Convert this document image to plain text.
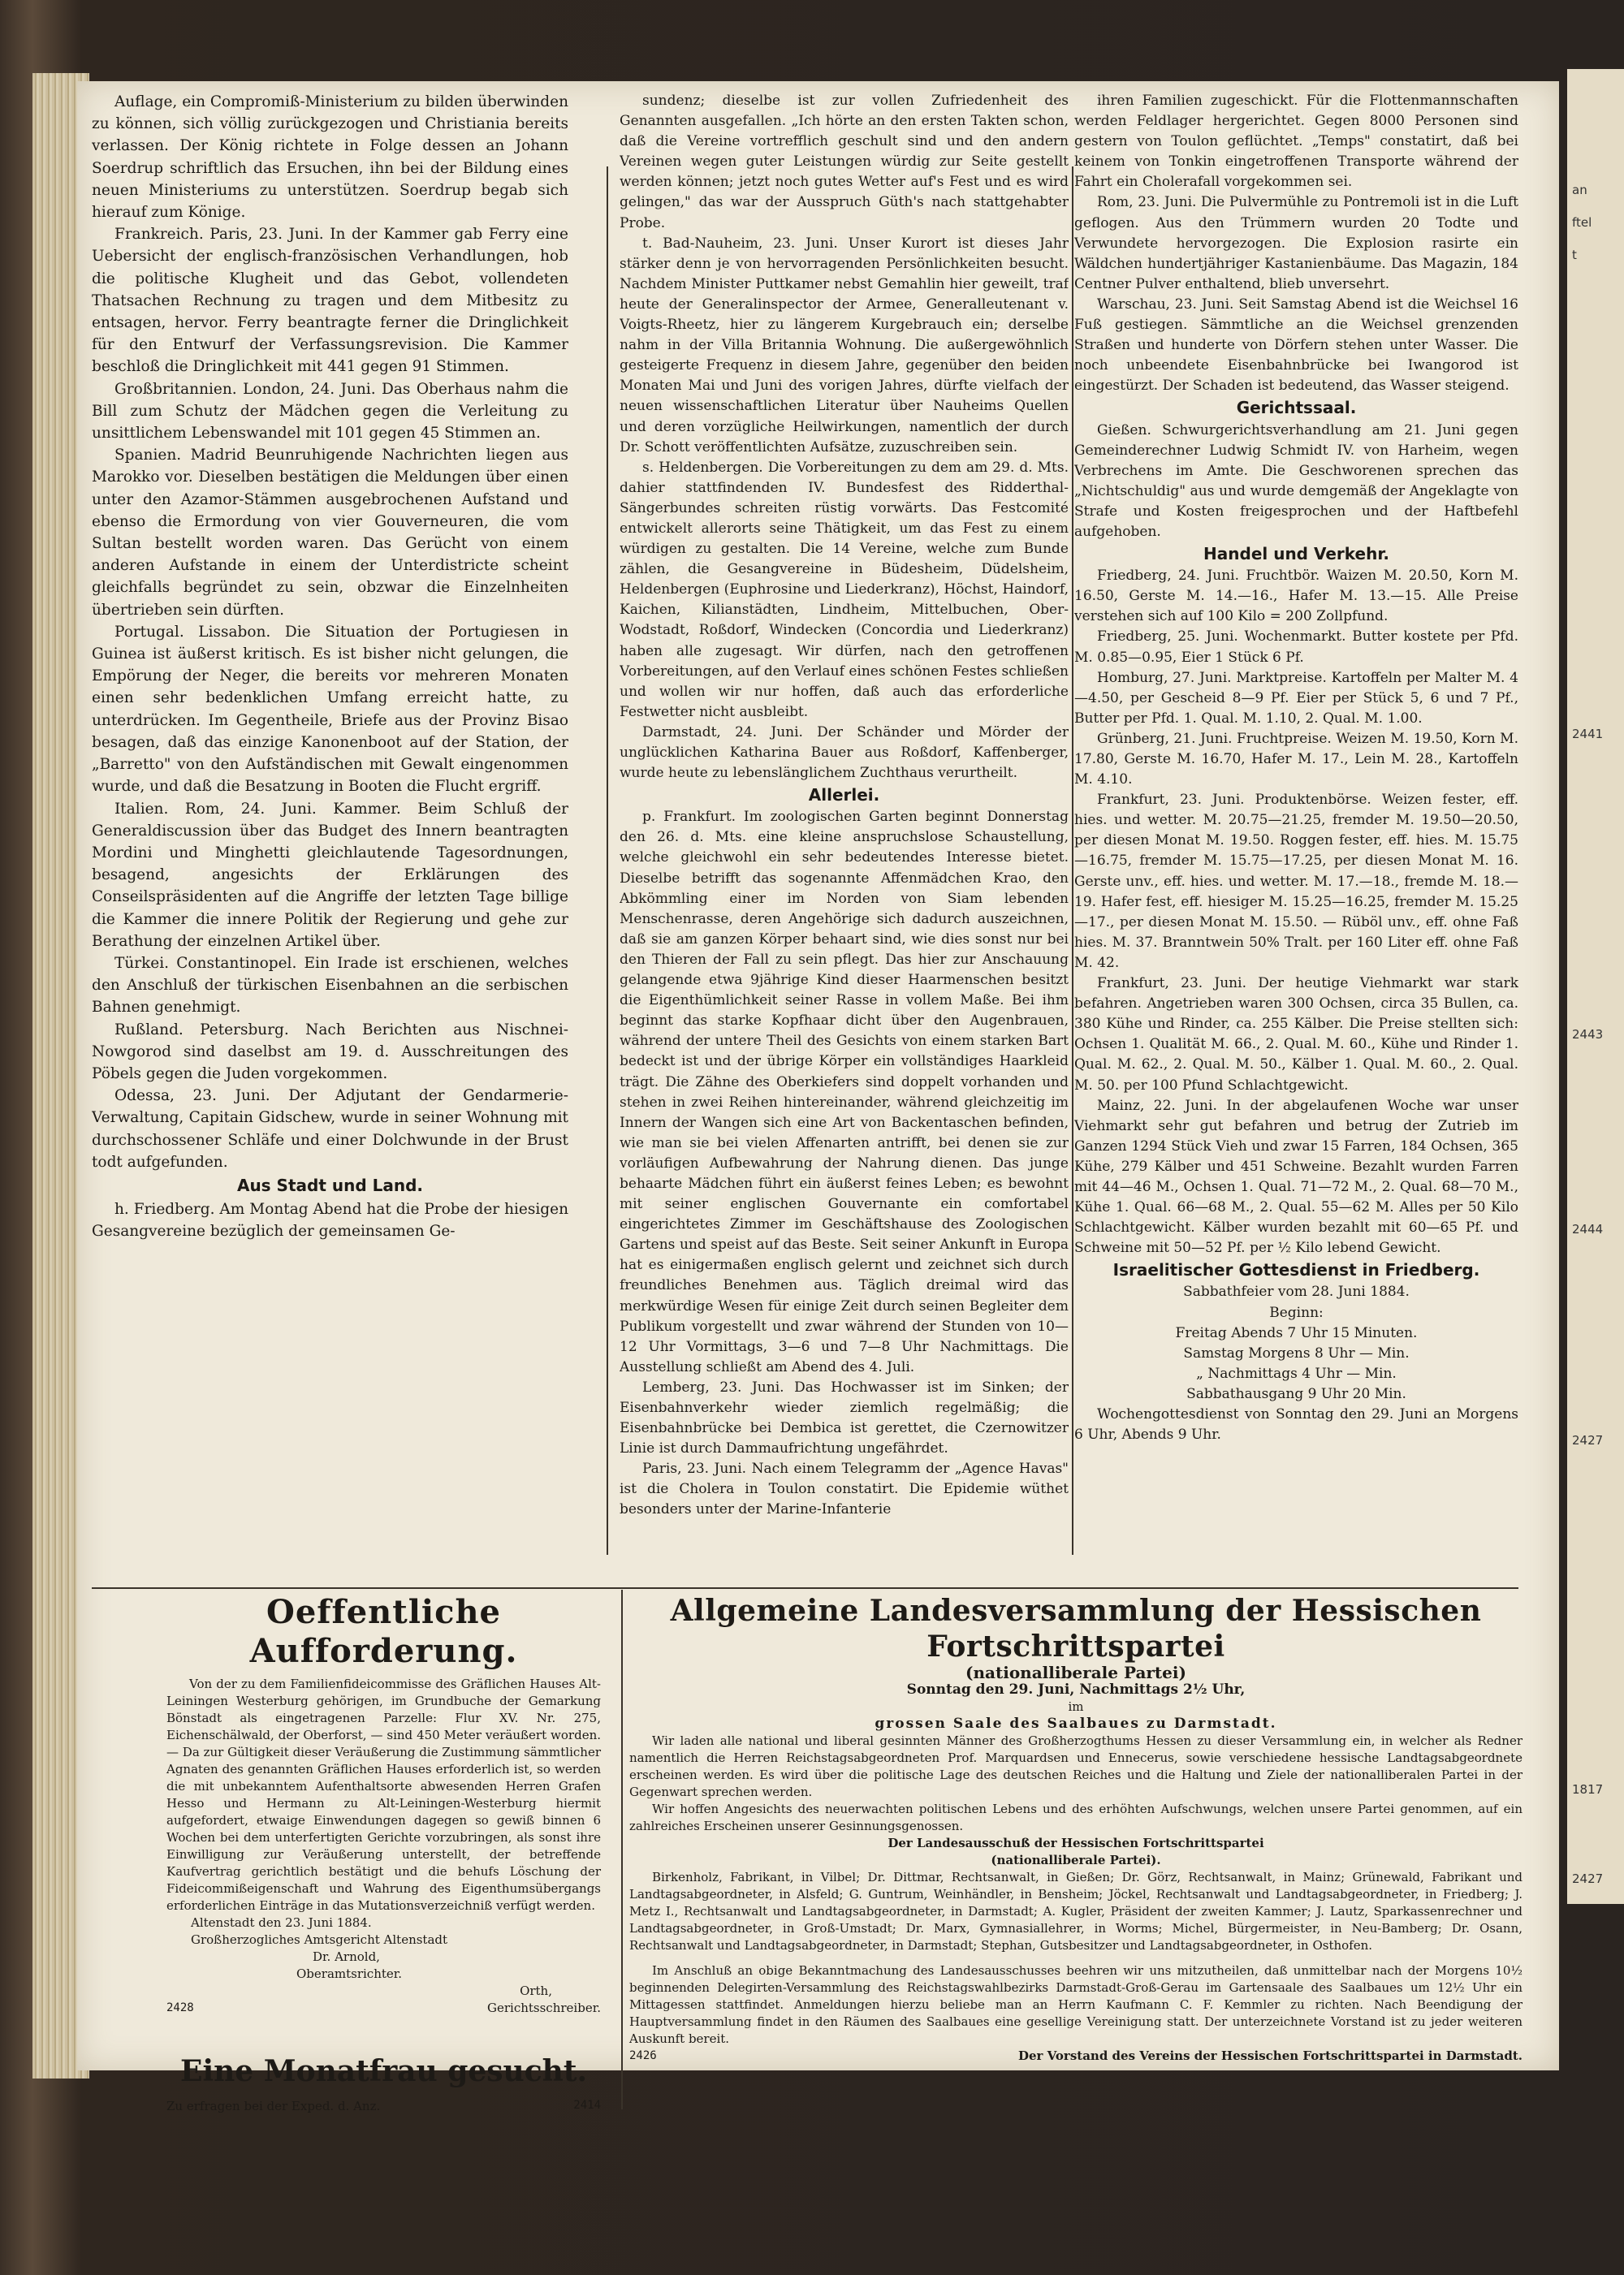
an
ftel
t
2441
2443
2444
2427
1817
2427

Auflage, ein Compromiß-Ministerium zu bilden überwinden zu können, sich völlig zurückgezogen und Christiania bereits verlassen. Der König richtete in Folge dessen an Johann Soerdrup schriftlich das Ersuchen, ihn bei der Bildung eines neuen Ministeriums zu unterstützen. Soerdrup begab sich hierauf zum Könige.

Frankreich. Paris, 23. Juni. In der Kammer gab Ferry eine Uebersicht der englisch-französischen Verhandlungen, hob die politische Klugheit und das Gebot, vollendeten Thatsachen Rechnung zu tragen und dem Mitbesitz zu entsagen, hervor. Ferry beantragte ferner die Dringlichkeit für den Entwurf der Verfassungsrevision. Die Kammer beschloß die Dringlichkeit mit 441 gegen 91 Stimmen.

Großbritannien. London, 24. Juni. Das Oberhaus nahm die Bill zum Schutz der Mädchen gegen die Verleitung zu unsittlichem Lebenswandel mit 101 gegen 45 Stimmen an.

Spanien. Madrid Beunruhigende Nachrichten liegen aus Marokko vor. Dieselben bestätigen die Meldungen über einen unter den Azamor-Stämmen ausgebrochenen Aufstand und ebenso die Ermordung von vier Gouverneuren, die vom Sultan bestellt worden waren. Das Gerücht von einem anderen Aufstande in einem der Unterdistricte scheint gleichfalls begründet zu sein, obzwar die Einzelnheiten übertrieben sein dürften.

Portugal. Lissabon. Die Situation der Portugiesen in Guinea ist äußerst kritisch. Es ist bisher nicht gelungen, die Empörung der Neger, die bereits vor mehreren Monaten einen sehr bedenklichen Umfang erreicht hatte, zu unterdrücken. Im Gegentheile, Briefe aus der Provinz Bisao besagen, daß das einzige Kanonenboot auf der Station, der „Barretto" von den Aufständischen mit Gewalt eingenommen wurde, und daß die Besatzung in Booten die Flucht ergriff.

Italien. Rom, 24. Juni. Kammer. Beim Schluß der Generaldiscussion über das Budget des Innern beantragten Mordini und Minghetti gleichlautende Tagesordnungen, besagend, angesichts der Erklärungen des Conseilspräsidenten auf die Angriffe der letzten Tage billige die Kammer die innere Politik der Regierung und gehe zur Berathung der einzelnen Artikel über.

Türkei. Constantinopel. Ein Irade ist erschienen, welches den Anschluß der türkischen Eisenbahnen an die serbischen Bahnen genehmigt.

Rußland. Petersburg. Nach Berichten aus Nischnei-Nowgorod sind daselbst am 19. d. Ausschreitungen des Pöbels gegen die Juden vorgekommen.

Odessa, 23. Juni. Der Adjutant der Gendarmerie-Verwaltung, Capitain Gidschew, wurde in seiner Wohnung mit durchschossener Schläfe und einer Dolchwunde in der Brust todt aufgefunden.

Aus Stadt und Land.

h. Friedberg. Am Montag Abend hat die Probe der hiesigen Gesangvereine bezüglich der gemeinsamen Ge-

sundenz; dieselbe ist zur vollen Zufriedenheit des Genannten ausgefallen. „Ich hörte an den ersten Takten schon, daß die Vereine vortrefflich geschult sind und den andern Vereinen wegen guter Leistungen würdig zur Seite gestellt werden können; jetzt noch gutes Wetter auf's Fest und es wird gelingen," das war der Ausspruch Güth's nach stattgehabter Probe.

t. Bad-Nauheim, 23. Juni. Unser Kurort ist dieses Jahr stärker denn je von hervorragenden Persönlichkeiten besucht. Nachdem Minister Puttkamer nebst Gemahlin hier geweilt, traf heute der Generalinspector der Armee, Generalleutenant v. Voigts-Rheetz, hier zu längerem Kurgebrauch ein; derselbe nahm in der Villa Britannia Wohnung. Die außergewöhnlich gesteigerte Frequenz in diesem Jahre, gegenüber den beiden Monaten Mai und Juni des vorigen Jahres, dürfte vielfach der neuen wissenschaftlichen Literatur über Nauheims Quellen und deren vorzügliche Heilwirkungen, namentlich der durch Dr. Schott veröffentlichten Aufsätze, zuzuschreiben sein.

s. Heldenbergen. Die Vorbereitungen zu dem am 29. d. Mts. dahier stattfindenden IV. Bundesfest des Ridderthal-Sängerbundes schreiten rüstig vorwärts. Das Festcomité entwickelt allerorts seine Thätigkeit, um das Fest zu einem würdigen zu gestalten. Die 14 Vereine, welche zum Bunde zählen, die Gesangvereine in Büdesheim, Düdelsheim, Heldenbergen (Euphrosine und Liederkranz), Höchst, Haindorf, Kaichen, Kilianstädten, Lindheim, Mittelbuchen, Ober-Wodstadt, Roßdorf, Windecken (Concordia und Liederkranz) haben alle zugesagt. Wir dürfen, nach den getroffenen Vorbereitungen, auf den Verlauf eines schönen Festes schließen und wollen wir nur hoffen, daß auch das erforderliche Festwetter nicht ausbleibt.

Darmstadt, 24. Juni. Der Schänder und Mörder der unglücklichen Katharina Bauer aus Roßdorf, Kaffenberger, wurde heute zu lebenslänglichem Zuchthaus verurtheilt.

Allerlei.

p. Frankfurt. Im zoologischen Garten beginnt Donnerstag den 26. d. Mts. eine kleine anspruchslose Schaustellung, welche gleichwohl ein sehr bedeutendes Interesse bietet. Dieselbe betrifft das sogenannte Affenmädchen Krao, den Abkömmling einer im Norden von Siam lebenden Menschenrasse, deren Angehörige sich dadurch auszeichnen, daß sie am ganzen Körper behaart sind, wie dies sonst nur bei den Thieren der Fall zu sein pflegt. Das hier zur Anschauung gelangende etwa 9jährige Kind dieser Haarmenschen besitzt die Eigenthümlichkeit seiner Rasse in vollem Maße. Bei ihm beginnt das starke Kopfhaar dicht über den Augenbrauen, während der untere Theil des Gesichts von einem starken Bart bedeckt ist und der übrige Körper ein vollständiges Haarkleid trägt. Die Zähne des Oberkiefers sind doppelt vorhanden und stehen in zwei Reihen hintereinander, während gleichzeitig im Innern der Wangen sich eine Art von Backentaschen befinden, wie man sie bei vielen Affenarten antrifft, bei denen sie zur vorläufigen Aufbewahrung der Nahrung dienen. Das junge behaarte Mädchen führt ein äußerst feines Leben; es bewohnt mit seiner englischen Gouvernante ein comfortabel eingerichtetes Zimmer im Geschäftshause des Zoologischen Gartens und speist auf das Beste. Seit seiner Ankunft in Europa hat es einigermaßen englisch gelernt und zeichnet sich durch freundliches Benehmen aus. Täglich dreimal wird das merkwürdige Wesen für einige Zeit durch seinen Begleiter dem Publikum vorgestellt und zwar während der Stunden von 10—12 Uhr Vormittags, 3—6 und 7—8 Uhr Nachmittags. Die Ausstellung schließt am Abend des 4. Juli.

Lemberg, 23. Juni. Das Hochwasser ist im Sinken; der Eisenbahnverkehr wieder ziemlich regelmäßig; die Eisenbahnbrücke bei Dembica ist gerettet, die Czernowitzer Linie ist durch Dammaufrichtung ungefährdet.

Paris, 23. Juni. Nach einem Telegramm der „Agence Havas" ist die Cholera in Toulon constatirt. Die Epidemie wüthet besonders unter der Marine-Infanterie

ihren Familien zugeschickt. Für die Flottenmannschaften werden Feldlager hergerichtet. Gegen 8000 Personen sind gestern von Toulon geflüchtet. „Temps" constatirt, daß bei keinem von Tonkin eingetroffenen Transporte während der Fahrt ein Cholerafall vorgekommen sei.

Rom, 23. Juni. Die Pulvermühle zu Pontremoli ist in die Luft geflogen. Aus den Trümmern wurden 20 Todte und Verwundete hervorgezogen. Die Explosion rasirte ein Wäldchen hundertjähriger Kastanienbäume. Das Magazin, 184 Centner Pulver enthaltend, blieb unversehrt.

Warschau, 23. Juni. Seit Samstag Abend ist die Weichsel 16 Fuß gestiegen. Sämmtliche an die Weichsel grenzenden Straßen und hunderte von Dörfern stehen unter Wasser. Die noch unbeendete Eisenbahnbrücke bei Iwangorod ist eingestürzt. Der Schaden ist bedeutend, das Wasser steigend.

Gerichtssaal.

Gießen. Schwurgerichtsverhandlung am 21. Juni gegen Gemeinderechner Ludwig Schmidt IV. von Harheim, wegen Verbrechens im Amte. Die Geschworenen sprechen das „Nichtschuldig" aus und wurde demgemäß der Angeklagte von Strafe und Kosten freigesprochen und der Haftbefehl aufgehoben.

Handel und Verkehr.

Friedberg, 24. Juni. Fruchtbör. Waizen M. 20.50, Korn M. 16.50, Gerste M. 14.—16., Hafer M. 13.—15. Alle Preise verstehen sich auf 100 Kilo = 200 Zollpfund.

Friedberg, 25. Juni. Wochenmarkt. Butter kostete per Pfd. M. 0.85—0.95, Eier 1 Stück 6 Pf.

Homburg, 27. Juni. Marktpreise. Kartoffeln per Malter M. 4—4.50, per Gescheid 8—9 Pf. Eier per Stück 5, 6 und 7 Pf., Butter per Pfd. 1. Qual. M. 1.10, 2. Qual. M. 1.00.

Grünberg, 21. Juni. Fruchtpreise. Weizen M. 19.50, Korn M. 17.80, Gerste M. 16.70, Hafer M. 17., Lein M. 28., Kartoffeln M. 4.10.

Frankfurt, 23. Juni. Produktenbörse. Weizen fester, eff. hies. und wetter. M. 20.75—21.25, fremder M. 19.50—20.50, per diesen Monat M. 19.50. Roggen fester, eff. hies. M. 15.75—16.75, fremder M. 15.75—17.25, per diesen Monat M. 16. Gerste unv., eff. hies. und wetter. M. 17.—18., fremde M. 18.—19. Hafer fest, eff. hiesiger M. 15.25—16.25, fremder M. 15.25—17., per diesen Monat M. 15.50. — Rüböl unv., eff. ohne Faß hies. M. 37. Branntwein 50% Tralt. per 160 Liter eff. ohne Faß M. 42.

Frankfurt, 23. Juni. Der heutige Viehmarkt war stark befahren. Angetrieben waren 300 Ochsen, circa 35 Bullen, ca. 380 Kühe und Rinder, ca. 255 Kälber. Die Preise stellten sich: Ochsen 1. Qualität M. 66., 2. Qual. M. 60., Kühe und Rinder 1. Qual. M. 62., 2. Qual. M. 50., Kälber 1. Qual. M. 60., 2. Qual. M. 50. per 100 Pfund Schlachtgewicht.

Mainz, 22. Juni. In der abgelaufenen Woche war unser Viehmarkt sehr gut befahren und betrug der Zutrieb im Ganzen 1294 Stück Vieh und zwar 15 Farren, 184 Ochsen, 365 Kühe, 279 Kälber und 451 Schweine. Bezahlt wurden Farren mit 44—46 M., Ochsen 1. Qual. 71—72 M., 2. Qual. 68—70 M., Kühe 1. Qual. 66—68 M., 2. Qual. 55—62 M. Alles per 50 Kilo Schlachtgewicht. Kälber wurden bezahlt mit 60—65 Pf. und Schweine mit 50—52 Pf. per ½ Kilo lebend Gewicht.

Israelitischer Gottesdienst in Friedberg.
Sabbathfeier vom 28. Juni 1884.
Beginn:
Freitag Abends 7 Uhr 15 Minuten.
Samstag Morgens 8 Uhr — Min.
„ Nachmittags 4 Uhr — Min.
Sabbathausgang 9 Uhr 20 Min.

Wochengottesdienst von Sonntag den 29. Juni an Morgens 6 Uhr, Abends 9 Uhr.

Oeffentliche Aufforderung.

Von der zu dem Familienfideicommisse des Gräflichen Hauses Alt-Leiningen Westerburg gehörigen, im Grundbuche der Gemarkung Bönstadt als eingetragenen Parzelle: Flur XV. Nr. 275, Eichenschälwald, der Oberforst, — sind 450 Meter veräußert worden. — Da zur Gültigkeit dieser Veräußerung die Zustimmung sämmtlicher Agnaten des genannten Gräflichen Hauses erforderlich ist, so werden die mit unbekanntem Aufenthaltsorte abwesenden Herren Grafen Hesso und Hermann zu Alt-Leiningen-Westerburg hiermit aufgefordert, etwaige Einwendungen dagegen so gewiß binnen 6 Wochen bei dem unterfertigten Gerichte vorzubringen, als sonst ihre Einwilligung zur Veräußerung unterstellt, der betreffende Kaufvertrag gerichtlich bestätigt und die behufs Löschung der Fideicommißeigenschaft und Wahrung des Eigenthumsübergangs erforderlichen Einträge in das Mutationsverzeichniß verfügt werden.

Altenstadt den 23. Juni 1884.
Großherzogliches Amtsgericht Altenstadt
Dr. Arnold,
Oberamtsrichter.
Orth,
2428	Gerichtsschreiber.
Eine Monatfrau gesucht.
Zu erfragen bei der Exped. d. Anz.	2414
Allgemeine Landesversammlung der Hessischen Fortschrittspartei
(nationalliberale Partei)
Sonntag den 29. Juni, Nachmittags 2½ Uhr,
im
grossen Saale des Saalbaues zu Darmstadt.

Wir laden alle national und liberal gesinnten Männer des Großherzogthums Hessen zu dieser Versammlung ein, in welcher als Redner namentlich die Herren Reichstagsabgeordneten Prof. Marquardsen und Ennecerus, sowie verschiedene hessische Landtagsabgeordnete erscheinen werden. Es wird über die politische Lage des deutschen Reiches und die Haltung und Ziele der nationalliberalen Partei in der Gegenwart sprechen werden.

Wir hoffen Angesichts des neuerwachten politischen Lebens und des erhöhten Aufschwungs, welchen unsere Partei genommen, auf ein zahlreiches Erscheinen unserer Gesinnungsgenossen.

Der Landesausschuß der Hessischen Fortschrittspartei
(nationalliberale Partei).

Birkenholz, Fabrikant, in Vilbel; Dr. Dittmar, Rechtsanwalt, in Gießen; Dr. Görz, Rechtsanwalt, in Mainz; Grünewald, Fabrikant und Landtagsabgeordneter, in Alsfeld; G. Guntrum, Weinhändler, in Bensheim; Jöckel, Rechtsanwalt und Landtagsabgeordneter, in Friedberg; J. Metz I., Rechtsanwalt und Landtagsabgeordneter, in Darmstadt; A. Kugler, Präsident der zweiten Kammer; J. Lautz, Sparkassenrechner und Landtagsabgeordneter, in Groß-Umstadt; Dr. Marx, Gymnasiallehrer, in Worms; Michel, Bürgermeister, in Neu-Bamberg; Dr. Osann, Rechtsanwalt und Landtagsabgeordneter, in Darmstadt; Stephan, Gutsbesitzer und Landtagsabgeordneter, in Osthofen.

Im Anschluß an obige Bekanntmachung des Landesausschusses beehren wir uns mitzutheilen, daß unmittelbar nach der Morgens 10½ beginnenden Delegirten-Versammlung des Reichstagswahlbezirks Darmstadt-Groß-Gerau im Gartensaale des Saalbaues um 12½ Uhr ein Mittagessen stattfindet. Anmeldungen hierzu beliebe man an Herrn Kaufmann C. F. Kemmler zu richten. Nach Beendigung der Hauptversammlung findet in den Räumen des Saalbaues eine gesellige Vereinigung statt. Der unterzeichnete Vorstand ist zu jeder weiteren Auskunft bereit.

2426	Der Vorstand des Vereins der Hessischen Fortschrittspartei in Darmstadt.
